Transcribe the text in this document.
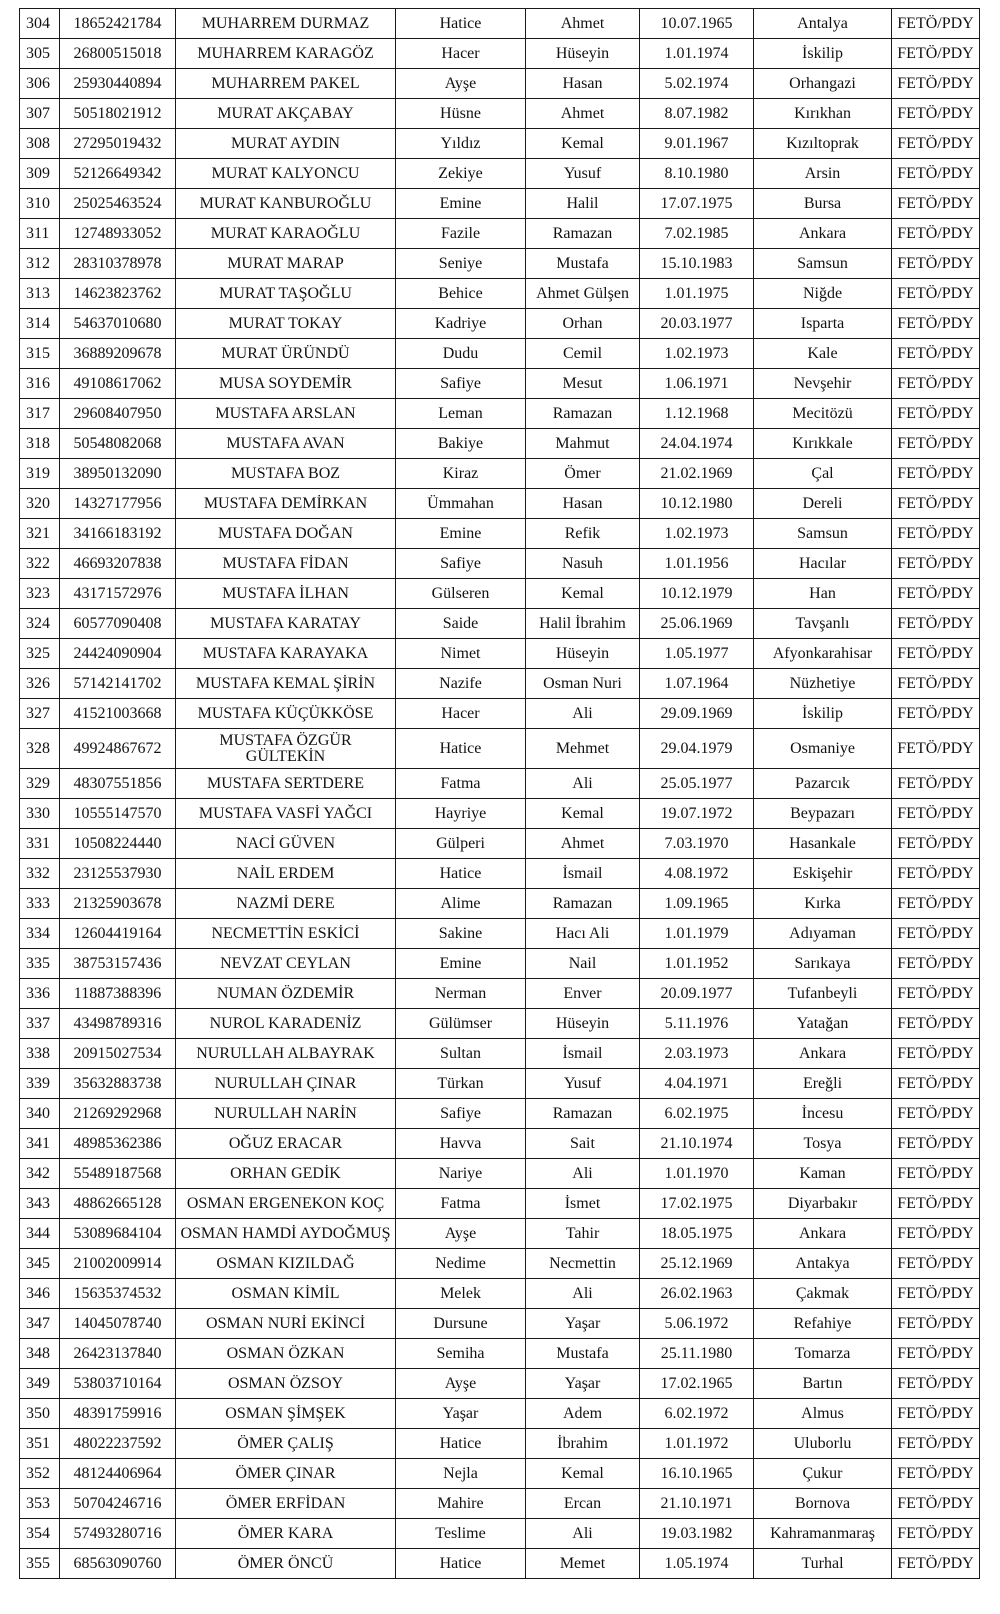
304	18652421784	MUHARREM DURMAZ	Hatice	Ahmet	10.07.1965	Antalya	FETÖ/PDY
305	26800515018	MUHARREM KARAGÖZ	Hacer	Hüseyin	1.01.1974	İskilip	FETÖ/PDY
306	25930440894	MUHARREM PAKEL	Ayşe	Hasan	5.02.1974	Orhangazi	FETÖ/PDY
307	50518021912	MURAT AKÇABAY	Hüsne	Ahmet	8.07.1982	Kırıkhan	FETÖ/PDY
308	27295019432	MURAT AYDIN	Yıldız	Kemal	9.01.1967	Kızıltoprak	FETÖ/PDY
309	52126649342	MURAT KALYONCU	Zekiye	Yusuf	8.10.1980	Arsin	FETÖ/PDY
310	25025463524	MURAT KANBUROĞLU	Emine	Halil	17.07.1975	Bursa	FETÖ/PDY
311	12748933052	MURAT KARAOĞLU	Fazile	Ramazan	7.02.1985	Ankara	FETÖ/PDY
312	28310378978	MURAT MARAP	Seniye	Mustafa	15.10.1983	Samsun	FETÖ/PDY
313	14623823762	MURAT TAŞOĞLU	Behice	Ahmet Gülşen	1.01.1975	Niğde	FETÖ/PDY
314	54637010680	MURAT TOKAY	Kadriye	Orhan	20.03.1977	Isparta	FETÖ/PDY
315	36889209678	MURAT ÜRÜNDÜ	Dudu	Cemil	1.02.1973	Kale	FETÖ/PDY
316	49108617062	MUSA SOYDEMİR	Safiye	Mesut	1.06.1971	Nevşehir	FETÖ/PDY
317	29608407950	MUSTAFA ARSLAN	Leman	Ramazan	1.12.1968	Mecitözü	FETÖ/PDY
318	50548082068	MUSTAFA AVAN	Bakiye	Mahmut	24.04.1974	Kırıkkale	FETÖ/PDY
319	38950132090	MUSTAFA BOZ	Kiraz	Ömer	21.02.1969	Çal	FETÖ/PDY
320	14327177956	MUSTAFA DEMİRKAN	Ümmahan	Hasan	10.12.1980	Dereli	FETÖ/PDY
321	34166183192	MUSTAFA DOĞAN	Emine	Refik	1.02.1973	Samsun	FETÖ/PDY
322	46693207838	MUSTAFA FİDAN	Safiye	Nasuh	1.01.1956	Hacılar	FETÖ/PDY
323	43171572976	MUSTAFA İLHAN	Gülseren	Kemal	10.12.1979	Han	FETÖ/PDY
324	60577090408	MUSTAFA KARATAY	Saide	Halil İbrahim	25.06.1969	Tavşanlı	FETÖ/PDY
325	24424090904	MUSTAFA KARAYAKA	Nimet	Hüseyin	1.05.1977	Afyonkarahisar	FETÖ/PDY
326	57142141702	MUSTAFA KEMAL ŞİRİN	Nazife	Osman Nuri	1.07.1964	Nüzhetiye	FETÖ/PDY
327	41521003668	MUSTAFA KÜÇÜKKÖSE	Hacer	Ali	29.09.1969	İskilip	FETÖ/PDY
328	49924867672	MUSTAFA ÖZGÜR GÜLTEKİN	Hatice	Mehmet	29.04.1979	Osmaniye	FETÖ/PDY
329	48307551856	MUSTAFA SERTDERE	Fatma	Ali	25.05.1977	Pazarcık	FETÖ/PDY
330	10555147570	MUSTAFA VASFİ YAĞCI	Hayriye	Kemal	19.07.1972	Beypazarı	FETÖ/PDY
331	10508224440	NACİ GÜVEN	Gülperi	Ahmet	7.03.1970	Hasankale	FETÖ/PDY
332	23125537930	NAİL ERDEM	Hatice	İsmail	4.08.1972	Eskişehir	FETÖ/PDY
333	21325903678	NAZMİ DERE	Alime	Ramazan	1.09.1965	Kırka	FETÖ/PDY
334	12604419164	NECMETTİN ESKİCİ	Sakine	Hacı Ali	1.01.1979	Adıyaman	FETÖ/PDY
335	38753157436	NEVZAT CEYLAN	Emine	Nail	1.01.1952	Sarıkaya	FETÖ/PDY
336	11887388396	NUMAN ÖZDEMİR	Nerman	Enver	20.09.1977	Tufanbeyli	FETÖ/PDY
337	43498789316	NUROL KARADENİZ	Gülümser	Hüseyin	5.11.1976	Yatağan	FETÖ/PDY
338	20915027534	NURULLAH ALBAYRAK	Sultan	İsmail	2.03.1973	Ankara	FETÖ/PDY
339	35632883738	NURULLAH ÇINAR	Türkan	Yusuf	4.04.1971	Ereğli	FETÖ/PDY
340	21269292968	NURULLAH NARİN	Safiye	Ramazan	6.02.1975	İncesu	FETÖ/PDY
341	48985362386	OĞUZ ERACAR	Havva	Sait	21.10.1974	Tosya	FETÖ/PDY
342	55489187568	ORHAN GEDİK	Nariye	Ali	1.01.1970	Kaman	FETÖ/PDY
343	48862665128	OSMAN ERGENEKON KOÇ	Fatma	İsmet	17.02.1975	Diyarbakır	FETÖ/PDY
344	53089684104	OSMAN HAMDİ AYDOĞMUŞ	Ayşe	Tahir	18.05.1975	Ankara	FETÖ/PDY
345	21002009914	OSMAN KIZILDAĞ	Nedime	Necmettin	25.12.1969	Antakya	FETÖ/PDY
346	15635374532	OSMAN KİMİL	Melek	Ali	26.02.1963	Çakmak	FETÖ/PDY
347	14045078740	OSMAN NURİ EKİNCİ	Dursune	Yaşar	5.06.1972	Refahiye	FETÖ/PDY
348	26423137840	OSMAN ÖZKAN	Semiha	Mustafa	25.11.1980	Tomarza	FETÖ/PDY
349	53803710164	OSMAN ÖZSOY	Ayşe	Yaşar	17.02.1965	Bartın	FETÖ/PDY
350	48391759916	OSMAN ŞİMŞEK	Yaşar	Adem	6.02.1972	Almus	FETÖ/PDY
351	48022237592	ÖMER ÇALIŞ	Hatice	İbrahim	1.01.1972	Uluborlu	FETÖ/PDY
352	48124406964	ÖMER ÇINAR	Nejla	Kemal	16.10.1965	Çukur	FETÖ/PDY
353	50704246716	ÖMER ERFİDAN	Mahire	Ercan	21.10.1971	Bornova	FETÖ/PDY
354	57493280716	ÖMER KARA	Teslime	Ali	19.03.1982	Kahramanmaraş	FETÖ/PDY
355	68563090760	ÖMER ÖNCÜ	Hatice	Memet	1.05.1974	Turhal	FETÖ/PDY
